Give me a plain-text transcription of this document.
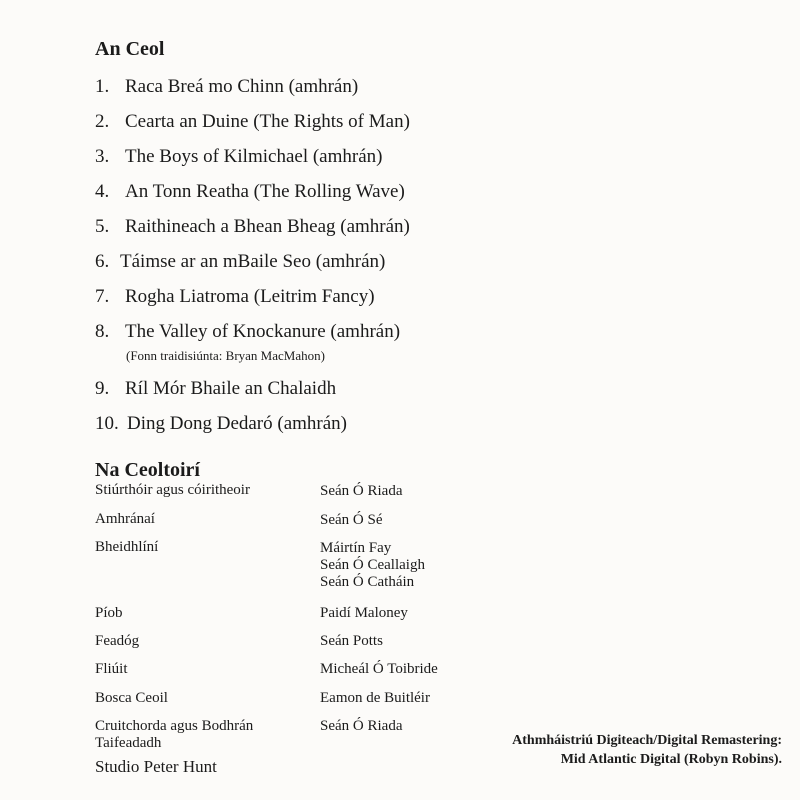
An Ceol
1. Raca Breá mo Chinn (amhrán)
2. Cearta an Duine (The Rights of Man)
3. The Boys of Kilmichael (amhrán)
4. An Tonn Reatha (The Rolling Wave)
5. Raithineach a Bhean Bheag (amhrán)
6. Táimse ar an mBaile Seo (amhrán)
7. Rogha Liatroma (Leitrim Fancy)
8. The Valley of Knockanure (amhrán)
(Fonn traidisiúnta: Bryan MacMahon)
9. Ríl Mór Bhaile an Chalaidh
10. Ding Dong Dedaró (amhrán)
Na Ceoltoirí
Stiúrthóir agus cóiritheoir	Seán Ó Riada
Amhránaí	Seán Ó Sé
Bheidhlíní	Máirtín Fay
Seán Ó Ceallaigh
Seán Ó Catháin
Píob	Paidí Maloney
Feadóg	Seán Potts
Fliúit	Micheál Ó Toibride
Bosca Ceoil	Eamon de Buitléir
Cruitchorda agus Bodhrán	Seán Ó Riada
Taifeadadh
Studio Peter Hunt
Athmháistriú Digiteach/Digital Remastering:
Mid Atlantic Digital (Robyn Robins).
